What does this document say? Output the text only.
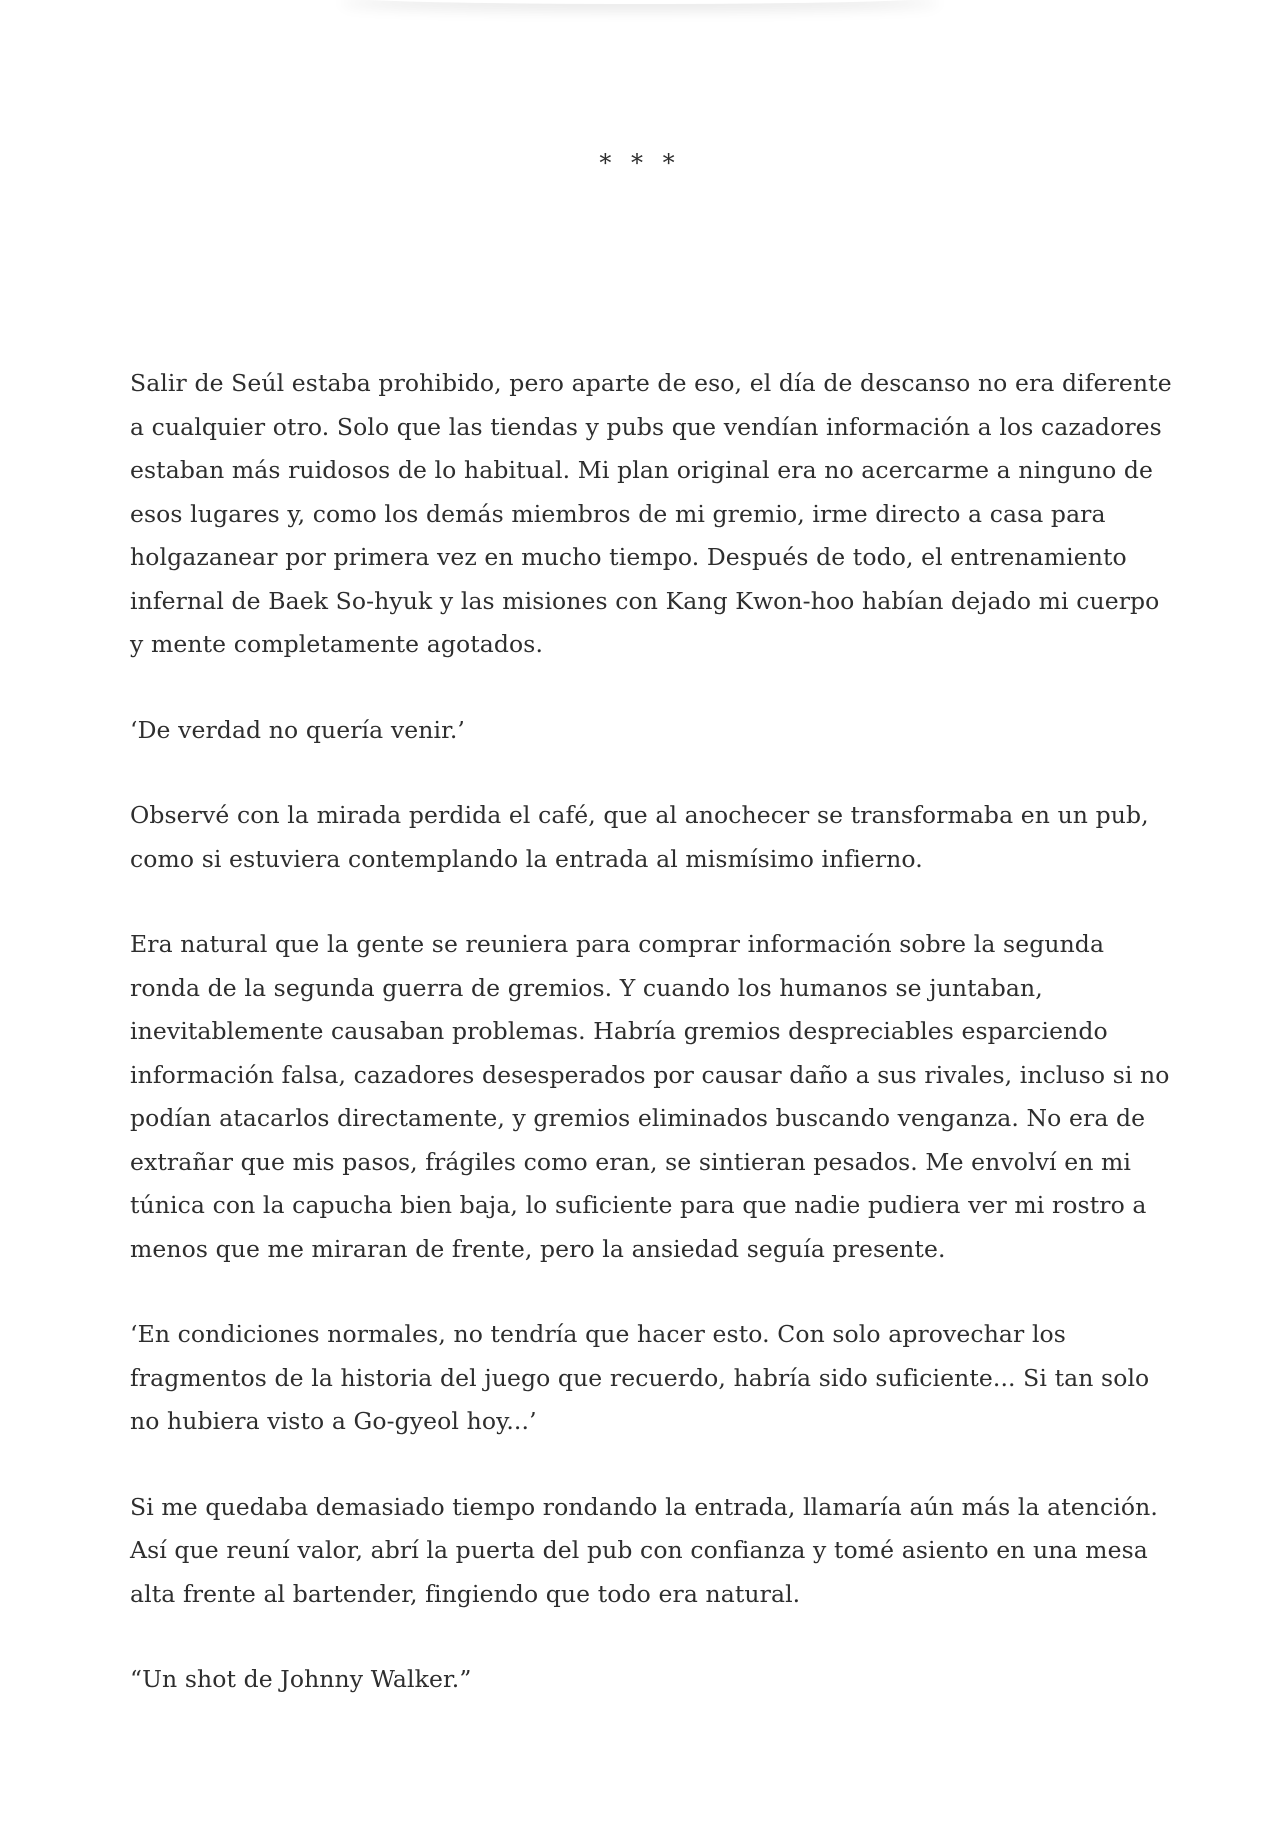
* * *

Salir de Seúl estaba prohibido, pero aparte de eso, el día de descanso no era diferente a cualquier otro. Solo que las tiendas y pubs que vendían información a los cazadores estaban más ruidosos de lo habitual. Mi plan original era no acercarme a ninguno de esos lugares y, como los demás miembros de mi gremio, irme directo a casa para holgazanear por primera vez en mucho tiempo. Después de todo, el entrenamiento infernal de Baek So-hyuk y las misiones con Kang Kwon-hoo habían dejado mi cuerpo y mente completamente agotados.

‘De verdad no quería venir.’

Observé con la mirada perdida el café, que al anochecer se transformaba en un pub, como si estuviera contemplando la entrada al mismísimo infierno.

Era natural que la gente se reuniera para comprar información sobre la segunda ronda de la segunda guerra de gremios. Y cuando los humanos se juntaban, inevitablemente causaban problemas. Habría gremios despreciables esparciendo información falsa, cazadores desesperados por causar daño a sus rivales, incluso si no podían atacarlos directamente, y gremios eliminados buscando venganza. No era de extrañar que mis pasos, frágiles como eran, se sintieran pesados. Me envolví en mi túnica con la capucha bien baja, lo suficiente para que nadie pudiera ver mi rostro a menos que me miraran de frente, pero la ansiedad seguía presente.

‘En condiciones normales, no tendría que hacer esto. Con solo aprovechar los fragmentos de la historia del juego que recuerdo, habría sido suficiente... Si tan solo no hubiera visto a Go-gyeol hoy...’

Si me quedaba demasiado tiempo rondando la entrada, llamaría aún más la atención. Así que reuní valor, abrí la puerta del pub con confianza y tomé asiento en una mesa alta frente al bartender, fingiendo que todo era natural.

“Un shot de Johnny Walker.”
